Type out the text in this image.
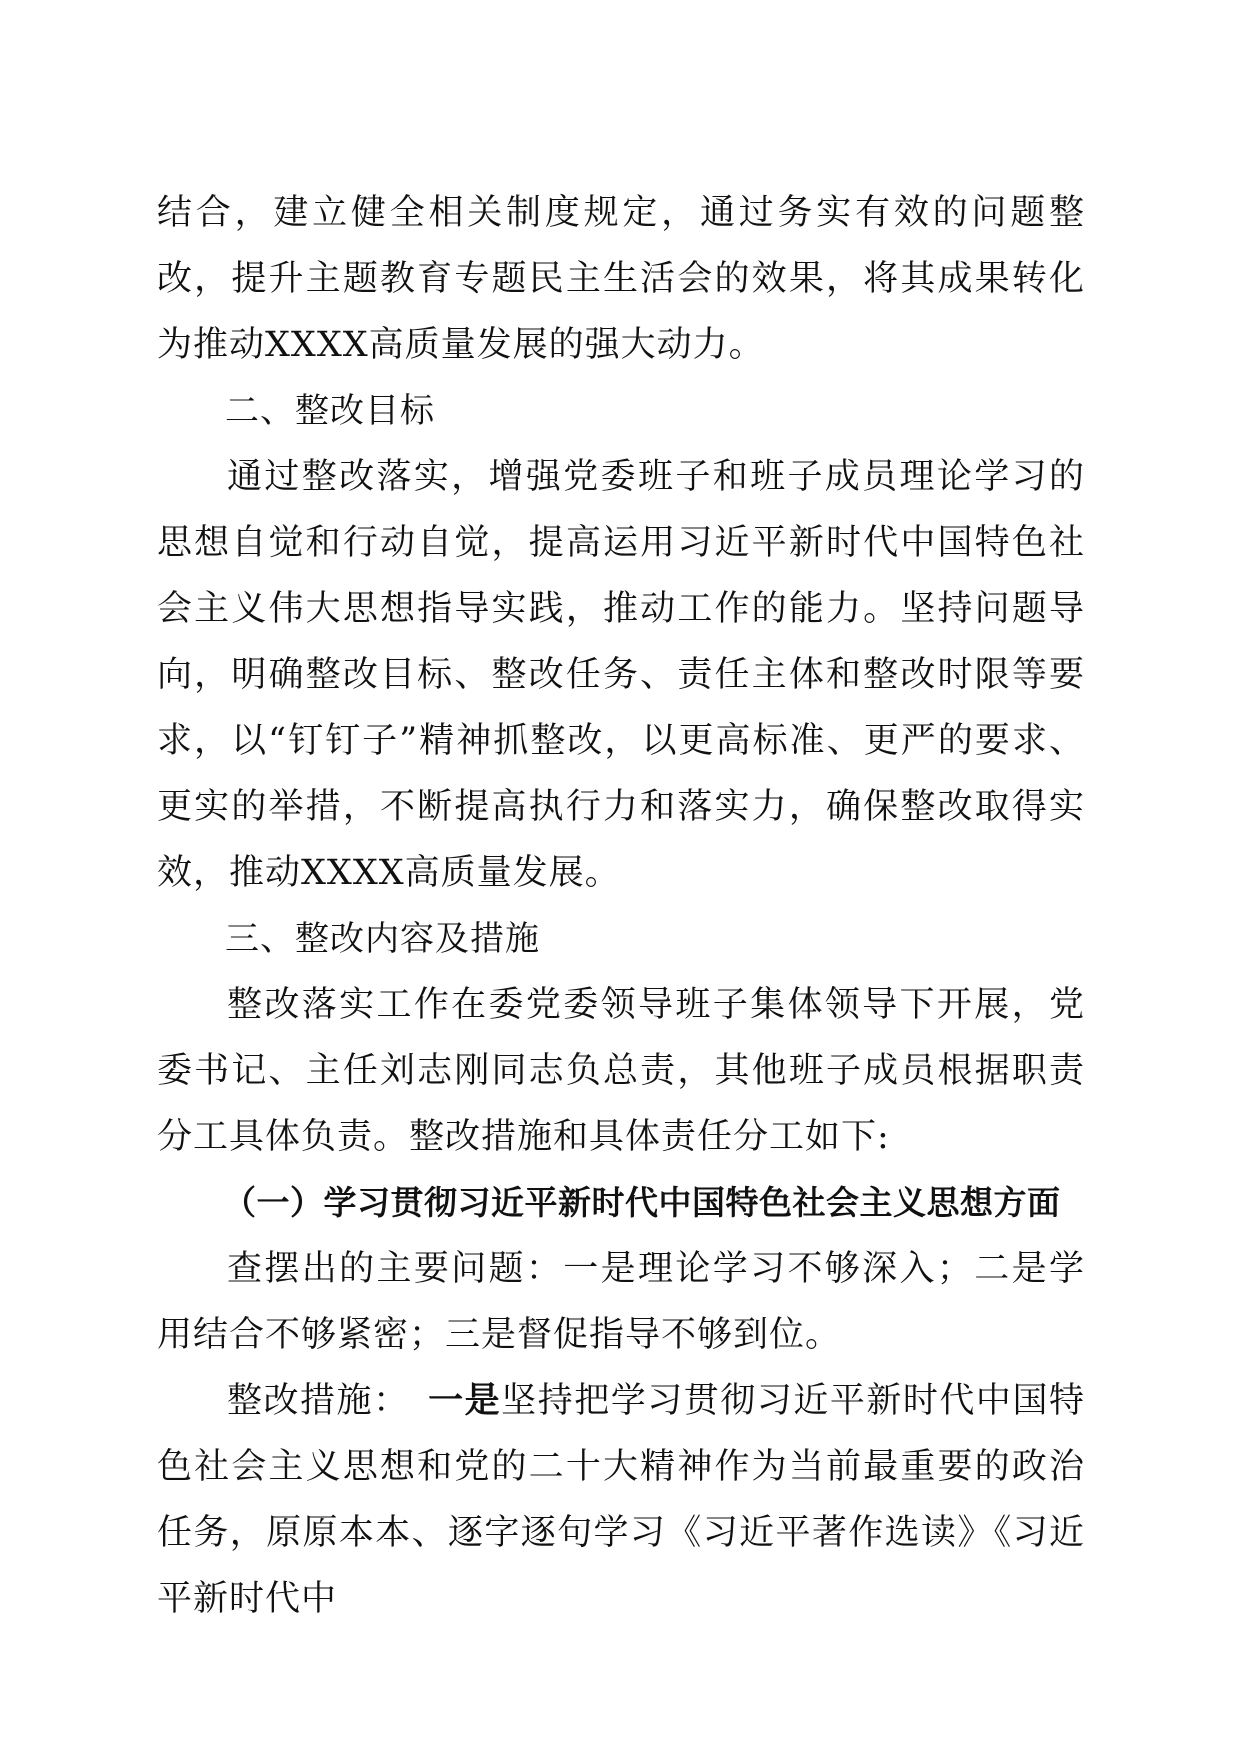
结合，建立健全相关制度规定，通过务实有效的问题整改，提升主题教育专题民主生活会的效果，将其成果转化为推动XXXX高质量发展的强大动力。

二、整改目标

通过整改落实，增强党委班子和班子成员理论学习的思想自觉和行动自觉，提高运用习近平新时代中国特色社会主义伟大思想指导实践，推动工作的能力。坚持问题导向，明确整改目标、整改任务、责任主体和整改时限等要求，以“钉钉子”精神抓整改，以更高标准、更严的要求、更实的举措，不断提高执行力和落实力，确保整改取得实效，推动XXXX高质量发展。

三、整改内容及措施

整改落实工作在委党委领导班子集体领导下开展，党委书记、主任刘志刚同志负总责，其他班子成员根据职责分工具体负责。整改措施和具体责任分工如下:

（一）学习贯彻习近平新时代中国特色社会主义思想方面

查摆出的主要问题：一是理论学习不够深入；二是学用结合不够紧密；三是督促指导不够到位。

整改措施： 一是坚持把学习贯彻习近平新时代中国特色社会主义思想和党的二十大精神作为当前最重要的政治任务，原原本本、逐字逐句学习《习近平著作选读》《习近平新时代中
